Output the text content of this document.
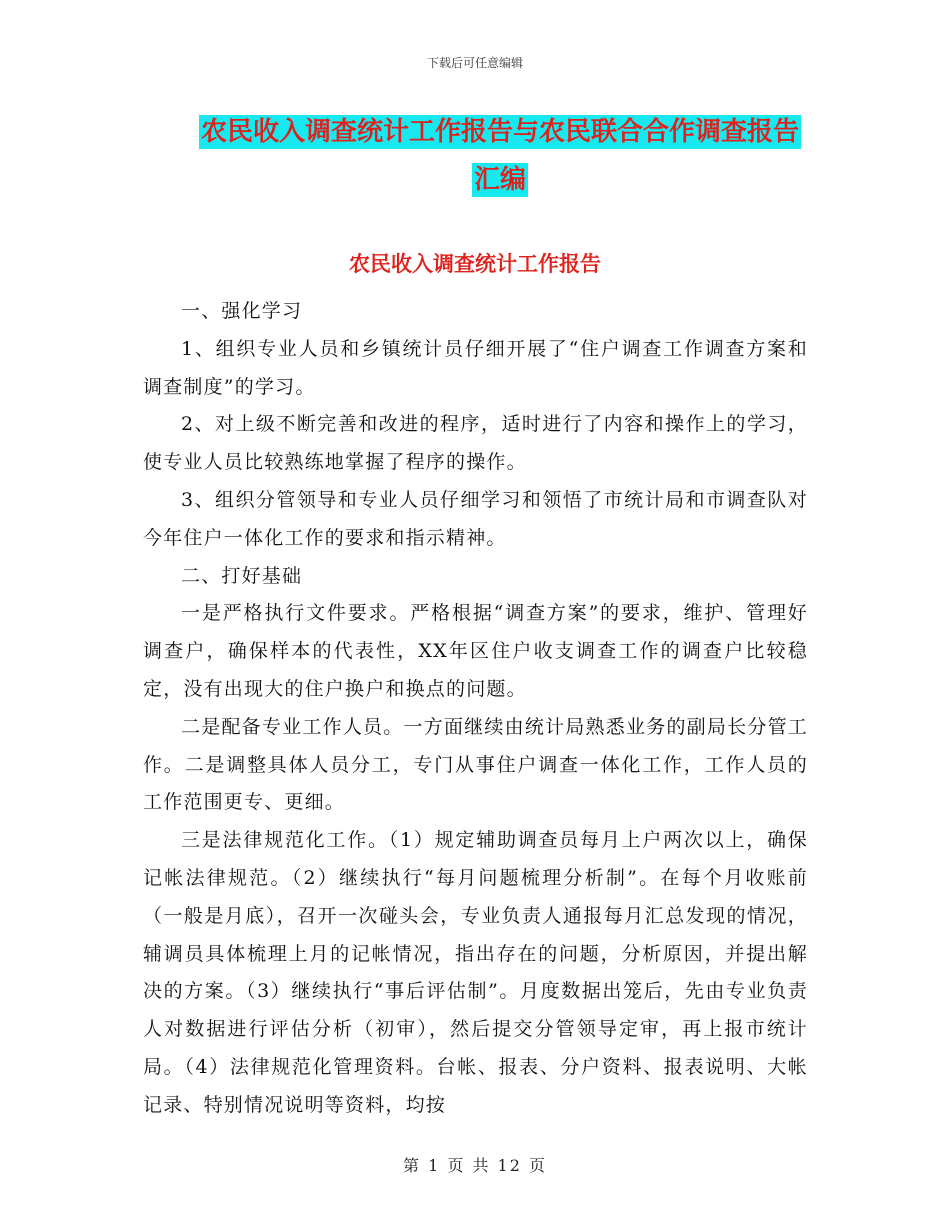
下载后可任意编辑
农民收入调查统计工作报告与农民联合合作调查报告
汇编
农民收入调查统计工作报告

一、强化学习

1、组织专业人员和乡镇统计员仔细开展了“住户调查工作调查方案和调查制度”的学习。

2、对上级不断完善和改进的程序，适时进行了内容和操作上的学习，使专业人员比较熟练地掌握了程序的操作。

3、组织分管领导和专业人员仔细学习和领悟了市统计局和市调查队对今年住户一体化工作的要求和指示精神。

二、打好基础

一是严格执行文件要求。严格根据“调查方案”的要求，维护、管理好调查户，确保样本的代表性，XX年区住户收支调查工作的调查户比较稳定，没有出现大的住户换户和换点的问题。

二是配备专业工作人员。一方面继续由统计局熟悉业务的副局长分管工作。二是调整具体人员分工，专门从事住户调查一体化工作，工作人员的工作范围更专、更细。

三是法律规范化工作。（1）规定辅助调查员每月上户两次以上，确保记帐法律规范。（2）继续执行“每月问题梳理分析制”。在每个月收账前（一般是月底），召开一次碰头会，专业负责人通报每月汇总发现的情况，辅调员具体梳理上月的记帐情况，指出存在的问题，分析原因，并提出解决的方案。（3）继续执行“事后评估制”。月度数据出笼后，先由专业负责人对数据进行评估分析（初审），然后提交分管领导定审，再上报市统计局。（4）法律规范化管理资料。台帐、报表、分户资料、报表说明、大帐记录、特别情况说明等资料，均按

第 1 页 共 12 页
